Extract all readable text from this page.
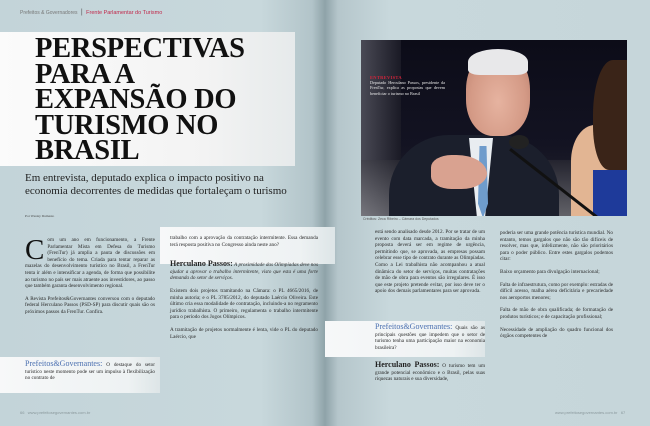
Prefeitos & Governadores | Frente Parlamentar do Turismo
PERSPECTIVAS
PARA A
EXPANSÃO DO
TURISMO NO
BRASIL

Em entrevista, deputado explica o impacto positivo na economia decorrentes de medidas que fortaleçam o turismo

Por Wesley Damasio

Com um ano em funcionamento, a Frente Parlamentar Mista em Defesa do Turismo (FrenTur) já amplia a pauta de discussões em benefício do tema. Criada para tentar reparar as mazelas do desenvolvimento turístico no Brasil, a FrenTur tenta ir além e intensificar a agenda, de forma que possibilite ao turismo no país ser mais atraente aos investidores, ao passo que também garanta desenvolvimento regional.

A Revista Prefeitos&Governantes conversou com o deputado federal Herculano Passos (PSD-SP) para discutir quais são os próximos passos da FrenTur. Confira.

Prefeitos&Governantes: O destaque do setor turístico neste momento pode ser um impulso à flexibilização no contrato de

trabalho com a aprovação da contratação intermitente. Essa demanda terá resposta positiva no Congresso ainda neste ano?

Herculano Passos: A proximidade das Olimpíadas deve nos ajudar a aprovar o trabalho intermitente, visto que esta é uma forte demanda do setor de serviços.

Existem dois projetos tramitando na Câmara: o PL 4665/2016, de minha autoria; e o PL 3785/2012, do deputado Laércio Oliveira. Este último cria essa modalidade de contratação, incluindo-a no regramento jurídico trabalhista. O primeiro, regulamenta o trabalho intermitente para o período dos Jogos Olímpicos.

A tramitação de projetos normalmente é lenta, vide o PL do deputado Laércio, que

66 www.prefeitosegovernantes.com.br
ENTREVISTA
Deputado Herculano Passos, presidente da FrenTur, explica as propostas que devem beneficiar o turismo no Brasil
Créditos: Zeca Ribeiro – Câmara dos Deputados

está sendo analisado desde 2012. Por se tratar de um evento com data marcada, a tramitação da minha proposta deverá ser em regime de urgência, permitindo que, se aprovada, as empresas possam celebrar esse tipo de contrato durante as Olimpíadas. Como a Lei trabalhista não acompanhou a atual dinâmica do setor de serviços, muitas contratações de mão de obra para eventos são irregulares. É isso que este projeto pretende evitar, por isso deve ter o apoio dos demais parlamentares para ser aprovada.

Prefeitos&Governantes: Quais são as principais questões que impedem que o setor de turismo tenha uma participação maior na economia brasileira?

Herculano Passos: O turismo tem um grande potencial econômico e o Brasil, pelas suas riquezas naturais e sua diversidade,

poderia ser uma grande potência turística mundial. No entanto, temos gargalos que não são tão difíceis de resolver, mas que, infelizmente, não são prioritários para o poder público. Entre estes gargalos podemos citar:

Baixo orçamento para divulgação internacional;

Falta de infraestrutura, como por exemplo: estradas de difícil acesso, malha aérea deficitária e precariedade nos aeroportos menores;

Falta de mão de obra qualificada; de formatação de produtos turísticos; e de capacitação profissional;

Necessidade de ampliação do quadro funcional dos órgãos competentes de

www.prefeitosegovernantes.com.br 67
